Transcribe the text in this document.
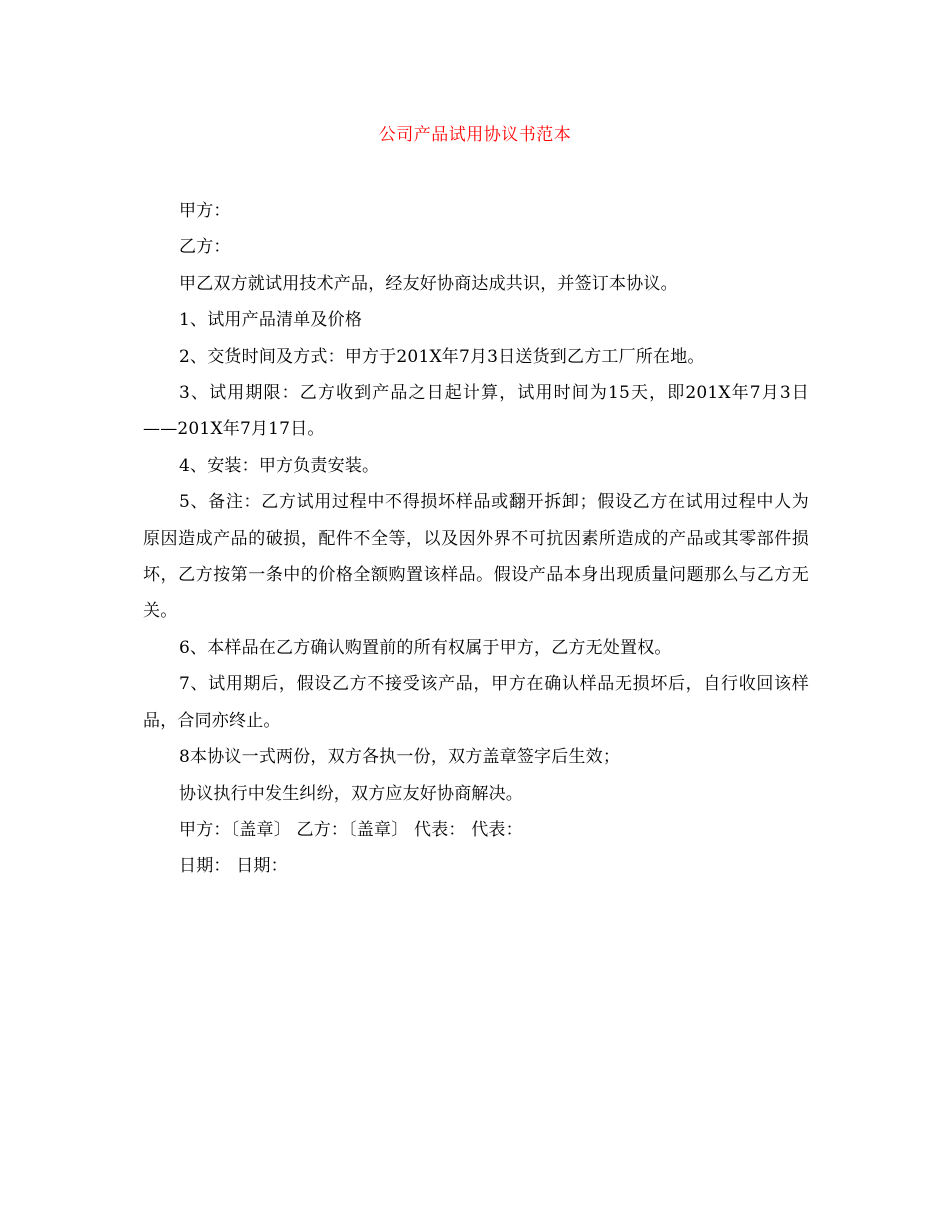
公司产品试用协议书范本

甲方：

乙方：

甲乙双方就试用技术产品，经友好协商达成共识，并签订本协议。

1、试用产品清单及价格

2、交货时间及方式：甲方于201X年7月3日送货到乙方工厂所在地。

3、试用期限：乙方收到产品之日起计算，试用时间为15天，即201X年7月3日——201X年7月17日。

4、安装：甲方负责安装。

5、备注：乙方试用过程中不得损坏样品或翻开拆卸；假设乙方在试用过程中人为原因造成产品的破损，配件不全等，以及因外界不可抗因素所造成的产品或其零部件损坏，乙方按第一条中的价格全额购置该样品。假设产品本身出现质量问题那么与乙方无关。

6、本样品在乙方确认购置前的所有权属于甲方，乙方无处置权。

7、试用期后，假设乙方不接受该产品，甲方在确认样品无损坏后，自行收回该样品，合同亦终止。

8本协议一式两份，双方各执一份，双方盖章签字后生效；

协议执行中发生纠纷，双方应友好协商解决。

甲方：〔盖章〕 乙方：〔盖章〕 代表： 代表：

日期： 日期：
